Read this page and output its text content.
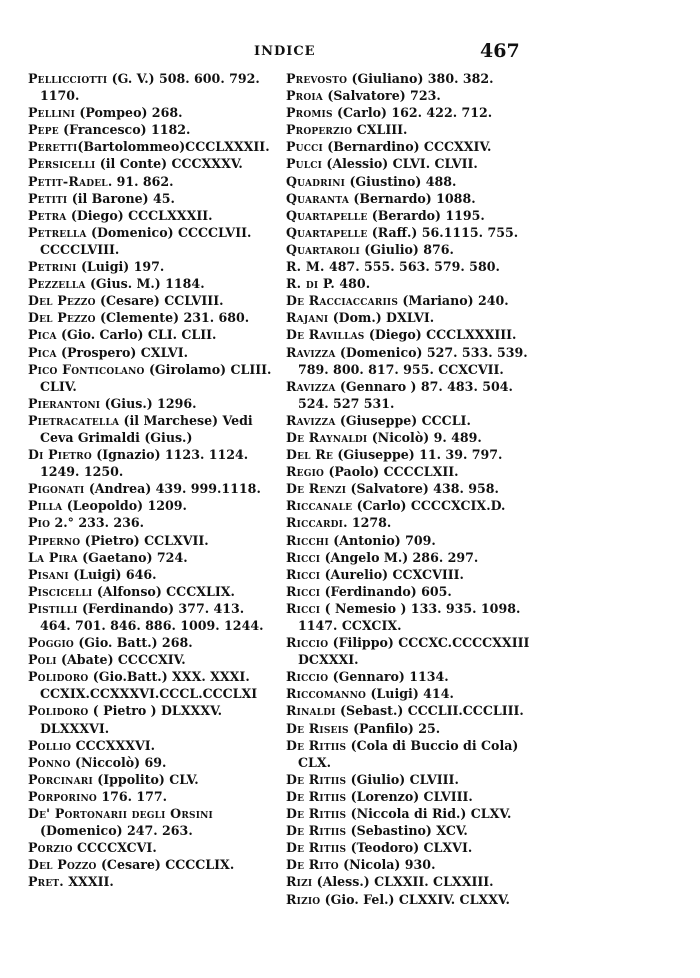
INDICE	467
Pellicciotti (G. V.) 508. 600. 792. 1170.
Pellini (Pompeo) 268.
Pepe (Francesco) 1182.
Peretti(Bartolommeo)CCCLXXXII.
Persicelli (il Conte) CCCXXXV.
Petit-Radel. 91. 862.
Petiti (il Barone) 45.
Petra (Diego) CCCLXXXII.
Petrella (Domenico) CCCCLVII. CCCCLVIII.
Petrini (Luigi) 197.
Pezzella (Gius. M.) 1184.
Del Pezzo (Cesare) CCLVIII.
Del Pezzo (Clemente) 231. 680.
Pica (Gio. Carlo) CLI. CLII.
Pica (Prospero) CXLVI.
Pico Fonticolano (Girolamo) CLIII. CLIV.
Pierantoni (Gius.) 1296.
Pietracatella (il Marchese) Vedi Ceva Grimaldi (Gius.)
Di Pietro (Ignazio) 1123. 1124. 1249. 1250.
Pigonati (Andrea) 439. 999.1118.
Pilla (Leopoldo) 1209.
Pio 2.° 233. 236.
Piperno (Pietro) CCLXVII.
La Pira (Gaetano) 724.
Pisani (Luigi) 646.
Piscicelli (Alfonso) CCCXLIX.
Pistilli (Ferdinando) 377. 413. 464. 701. 846. 886. 1009. 1244.
Poggio (Gio. Batt.) 268.
Poli (Abate) CCCCXIV.
Polidoro (Gio.Batt.) XXX. XXXI. CCXIX.CCXXXVI.CCCL.CCCLXI
Polidoro ( Pietro ) DLXXXV. DLXXXVI.
Pollio CCCXXXVI.
Ponno (Niccolò) 69.
Porcinari (Ippolito) CLV.
Porporino 176. 177.
De' Portonarii degli Orsini (Domenico) 247. 263.
Porzio CCCCXCVI.
Del Pozzo (Cesare) CCCCLIX.
Pret. XXXII.
Prevosto (Giuliano) 380. 382.
Proia (Salvatore) 723.
Promis (Carlo) 162. 422. 712.
Properzio CXLIII.
Pucci (Bernardino) CCCXXIV.
Pulci (Alessio) CLVI. CLVII.
Quadrini (Giustino) 488.
Quaranta (Bernardo) 1088.
Quartapelle (Berardo) 1195.
Quartapelle (Raff.) 56.1115. 755.
Quartaroli (Giulio) 876.
R. M. 487. 555. 563. 579. 580.
R. di P. 480.
De Racciaccariis (Mariano) 240.
Rajani (Dom.) DXLVI.
De Ravillas (Diego) CCCLXXXIII.
Ravizza (Domenico) 527. 533. 539. 789. 800. 817. 955. CCXCVII.
Ravizza (Gennaro ) 87. 483. 504. 524. 527 531.
Ravizza (Giuseppe) CCCLI.
De Raynaldi (Nicolò) 9. 489.
Del Re (Giuseppe) 11. 39. 797.
Regio (Paolo) CCCCLXII.
De Renzi (Salvatore) 438. 958.
Riccanale (Carlo) CCCCXCIX.D.
Riccardi. 1278.
Ricchi (Antonio) 709.
Ricci (Angelo M.) 286. 297.
Ricci (Aurelio) CCXCVIII.
Ricci (Ferdinando) 605.
Ricci ( Nemesio ) 133. 935. 1098. 1147. CCXCIX.
Riccio (Filippo) CCCXC.CCCCXXIII DCXXXI.
Riccio (Gennaro) 1134.
Riccomanno (Luigi) 414.
Rinaldi (Sebast.) CCCLII.CCCLIII.
De Riseis (Panfilo) 25.
De Ritiis (Cola di Buccio di Cola) CLX.
De Ritiis (Giulio) CLVIII.
De Ritiis (Lorenzo) CLVIII.
De Ritiis (Niccola di Rid.) CLXV.
De Ritiis (Sebastino) XCV.
De Ritiis (Teodoro) CLXVI.
De Rito (Nicola) 930.
Rizi (Aless.) CLXXII. CLXXIII.
Rizio (Gio. Fel.) CLXXIV. CLXXV.
